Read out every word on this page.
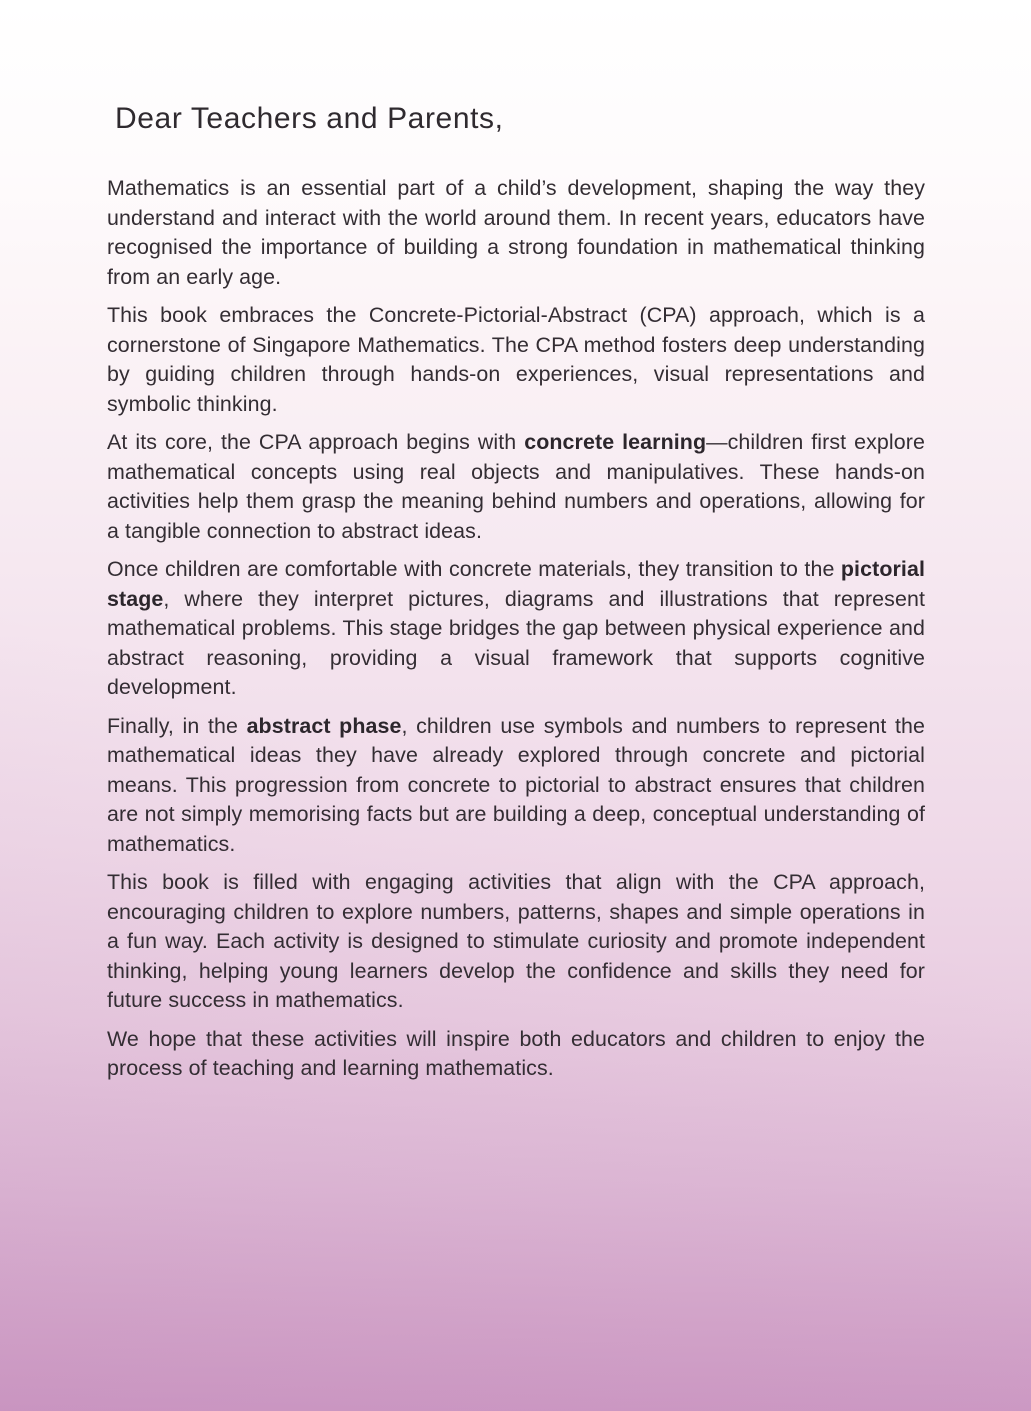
Dear Teachers and Parents,

Mathematics is an essential part of a child’s development, shaping the way they understand and interact with the world around them. In recent years, educators have recognised the importance of building a strong foundation in mathematical thinking from an early age.

This book embraces the Concrete-Pictorial-Abstract (CPA) approach, which is a cornerstone of Singapore Mathematics. The CPA method fosters deep understanding by guiding children through hands-on experiences, visual representations and symbolic thinking.

At its core, the CPA approach begins with concrete learning—children first explore mathematical concepts using real objects and manipulatives. These hands-on activities help them grasp the meaning behind numbers and operations, allowing for a tangible connection to abstract ideas.

Once children are comfortable with concrete materials, they transition to the pictorial stage, where they interpret pictures, diagrams and illustrations that represent mathematical problems. This stage bridges the gap between physical experience and abstract reasoning, providing a visual framework that supports cognitive development.

Finally, in the abstract phase, children use symbols and numbers to represent the mathematical ideas they have already explored through concrete and pictorial means. This progression from concrete to pictorial to abstract ensures that children are not simply memorising facts but are building a deep, conceptual understanding of mathematics.

This book is filled with engaging activities that align with the CPA approach, encouraging children to explore numbers, patterns, shapes and simple operations in a fun way. Each activity is designed to stimulate curiosity and promote independent thinking, helping young learners develop the confidence and skills they need for future success in mathematics.

We hope that these activities will inspire both educators and children to enjoy the process of teaching and learning mathematics.
